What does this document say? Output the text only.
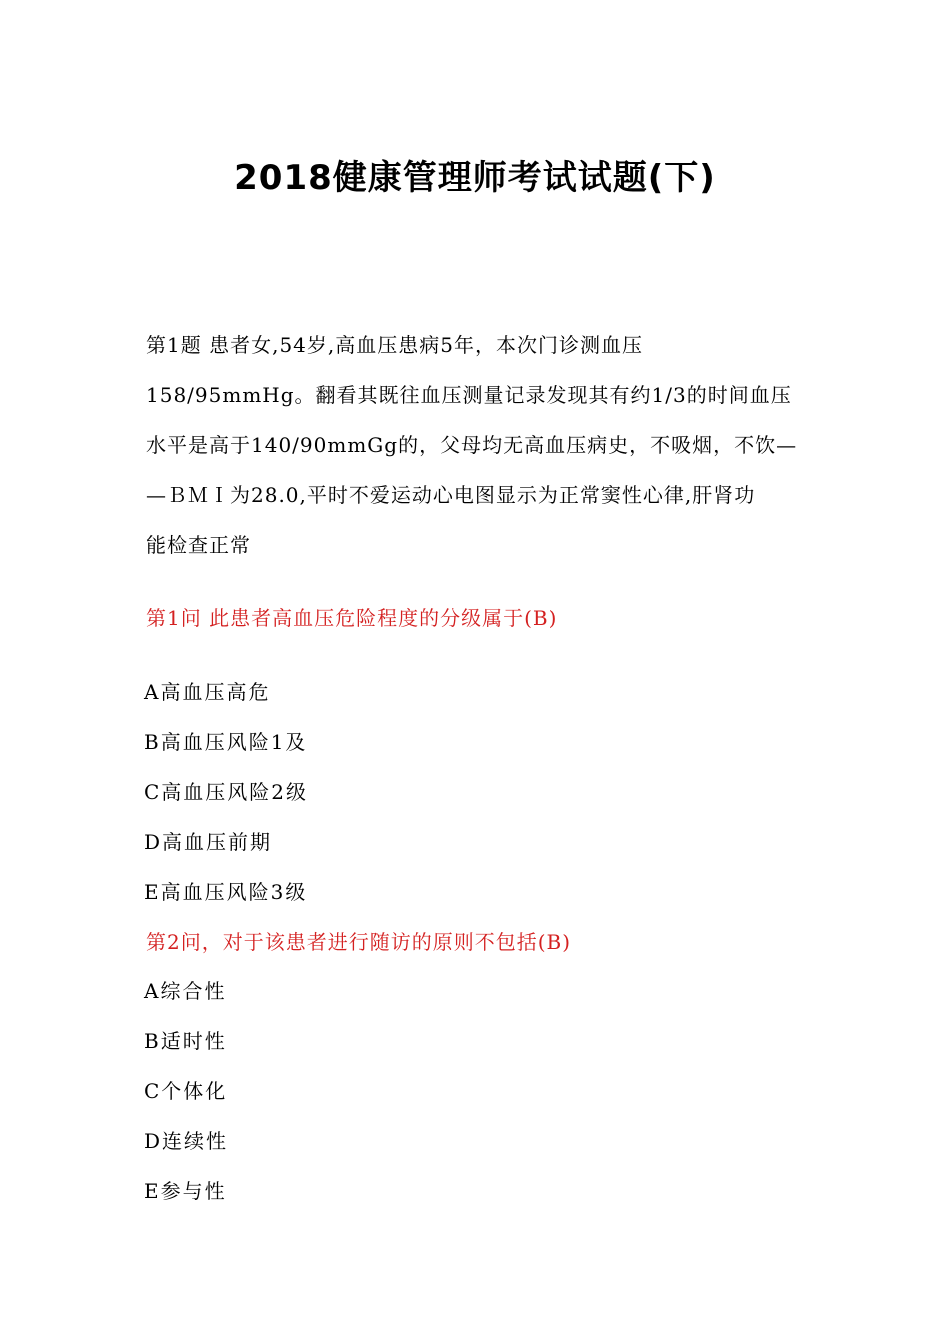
2018健康管理师考试试题(下)

第1题 患者女,54岁,高血压患病5年，本次门诊测血压

158/95mmHg。翻看其既往血压测量记录发现其有约1/3的时间血压

水平是高于140/90mmGg的，父母均无高血压病史，不吸烟，不饮—

—ＢＭＩ为28.0,平时不爱运动心电图显示为正常窦性心律,肝肾功

能检查正常

第1问 此患者高血压危险程度的分级属于(B)

A高血压高危

B高血压风险1及

C高血压风险2级

D高血压前期

E高血压风险3级

第2问，对于该患者进行随访的原则不包括(B)

A综合性

B适时性

C个体化

D连续性

E参与性
